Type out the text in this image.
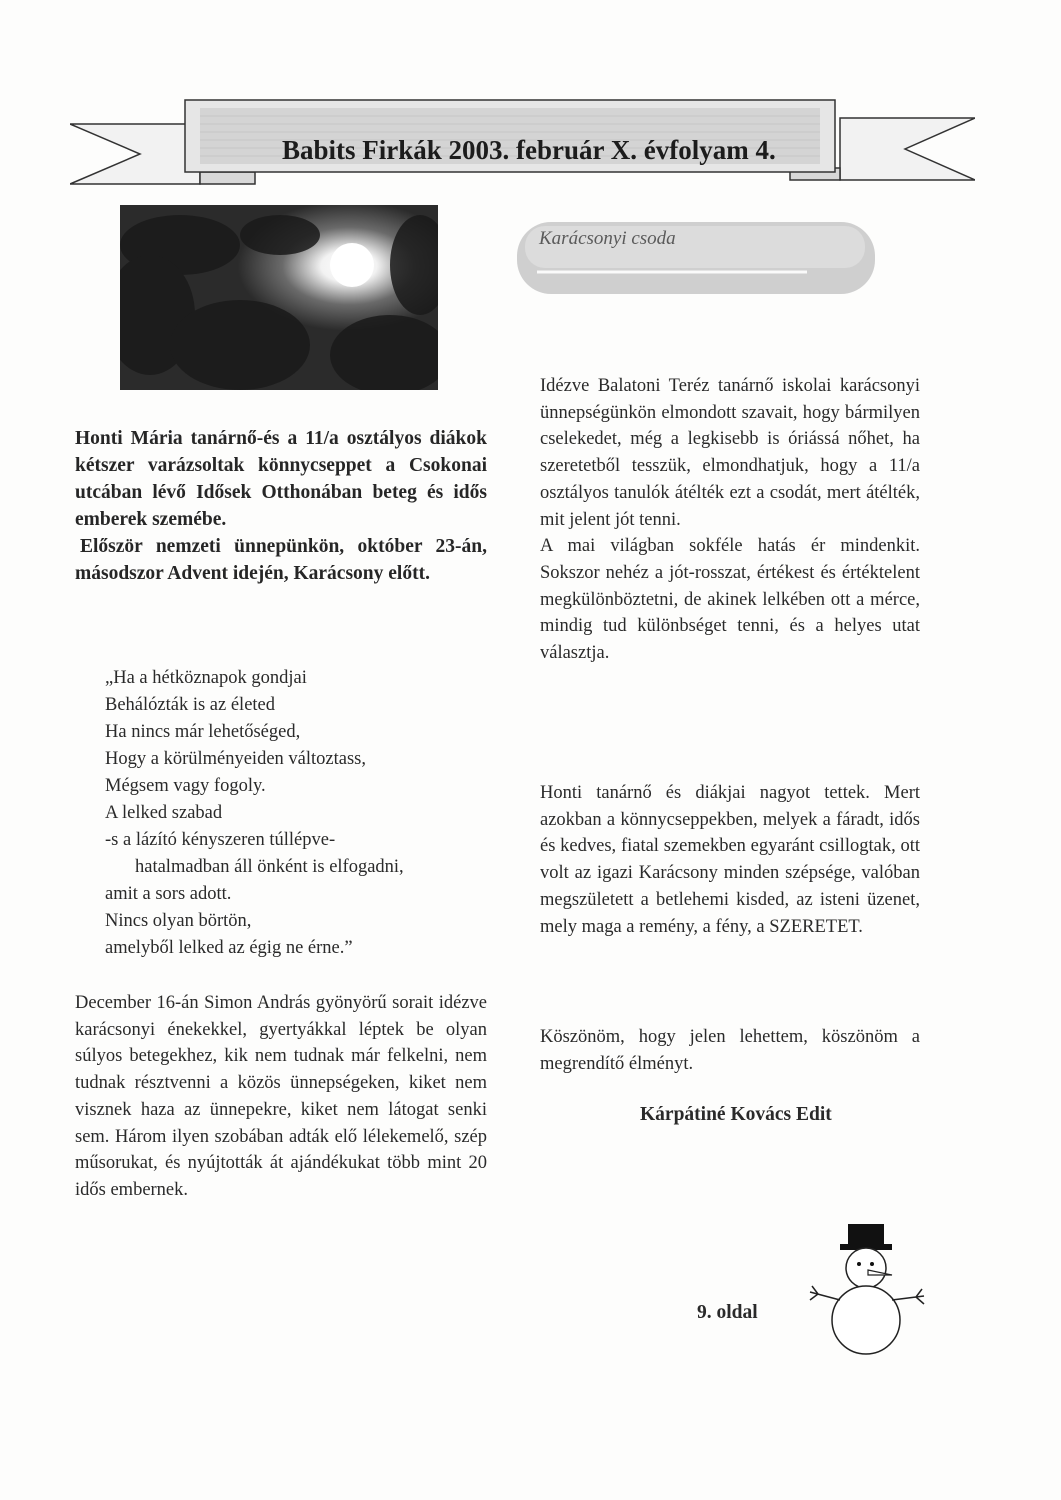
Babits Firkák 2003. február X. évfolyam 4.
Karácsonyi csoda

Honti Mária tanárnő-és a 11/a osztályos diákok kétszer varázsoltak könnycseppet a Csokonai utcában lévő Idősek Otthonában beteg és idős emberek szemébe.

Először nemzeti ünnepünkön, október 23-án, másodszor Advent idején, Karácsony előtt.

„Ha a hétköznapok gondjai
Behálózták is az életed
Ha nincs már lehetőséged,
Hogy a körülményeiden változtass,
Mégsem vagy fogoly.
A lelked szabad
-s a lázító kényszeren túllépve-
hatalmadban áll önként is elfogadni,
amit a sors adott.
Nincs olyan börtön,
amelyből lelked az égig ne érne.”

December 16-án Simon András gyönyörű sorait idézve karácsonyi énekekkel, gyertyákkal léptek be olyan súlyos betegekhez, kik nem tudnak már felkelni, nem tudnak résztvenni a közös ünnepségeken, kiket nem visznek haza az ünnepekre, kiket nem látogat senki sem. Három ilyen szobában adták elő lélekemelő, szép műsorukat, és nyújtották át ajándékukat több mint 20 idős embernek.

Idézve Balatoni Teréz tanárnő iskolai karácsonyi ünnepségünkön elmondott szavait, hogy bármilyen cselekedet, még a legkisebb is óriássá nőhet, ha szeretetből tesszük, elmondhatjuk, hogy a 11/a osztályos tanulók átélték ezt a csodát, mert átélték, mit jelent jót tenni.

A mai világban sokféle hatás ér mindenkit. Sokszor nehéz a jót-rosszat, értékest és értéktelent megkülönböztetni, de akinek lelkében ott a mérce, mindig tud különbséget tenni, és a helyes utat választja.

Honti tanárnő és diákjai nagyot tettek. Mert azokban a könnycseppekben, melyek a fáradt, idős és kedves, fiatal szemekben egyaránt csillogtak, ott volt az igazi Karácsony minden szépsége, valóban megszületett a betlehemi kisded, az isteni üzenet, mely maga a remény, a fény, a SZERETET.

Köszönöm, hogy jelen lehettem, köszönöm a megrendítő élményt.

Kárpátiné Kovács Edit
9. oldal
